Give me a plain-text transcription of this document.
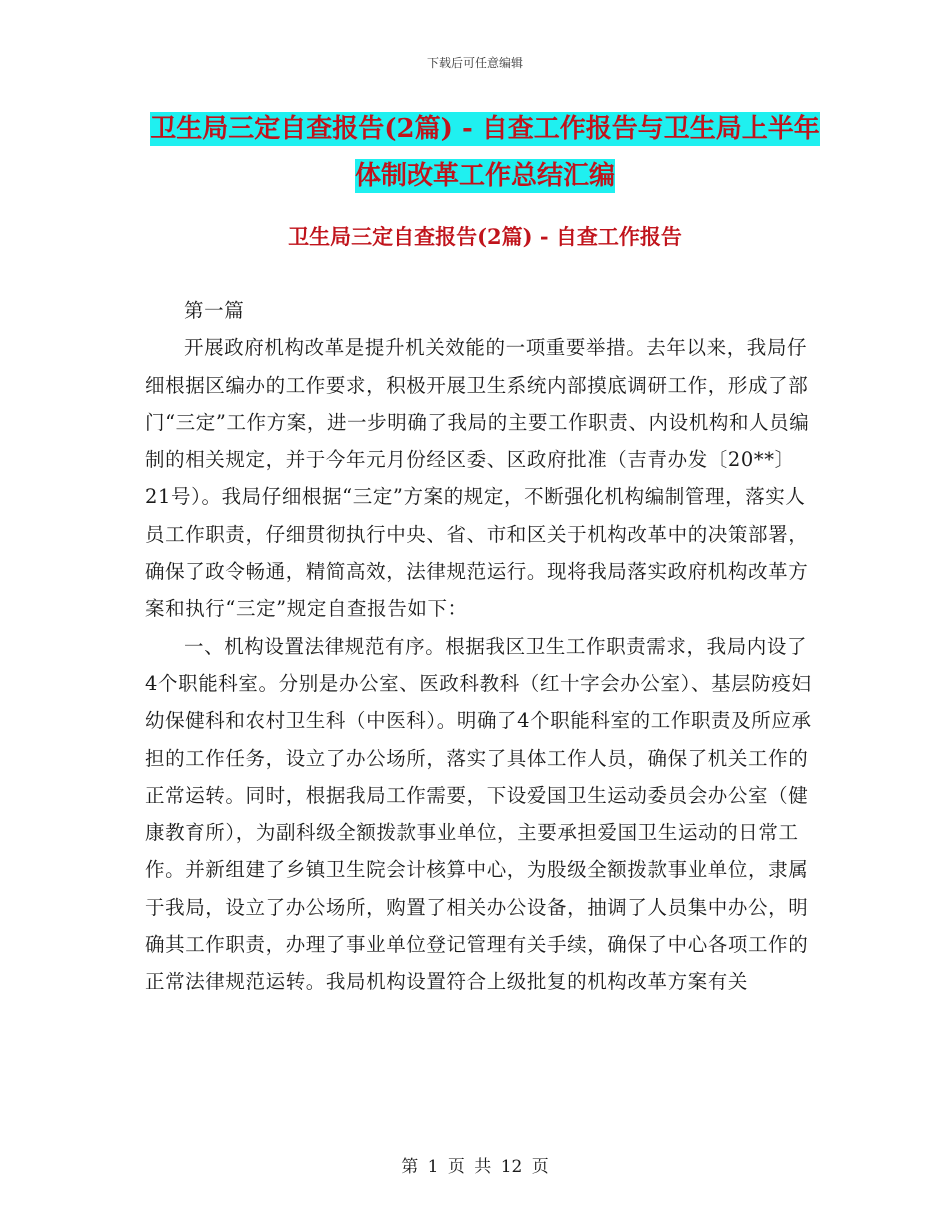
下载后可任意编辑
卫生局三定自查报告(2篇) - 自查工作报告与卫生局上半年体制改革工作总结汇编
卫生局三定自查报告(2篇) - 自查工作报告

第一篇

开展政府机构改革是提升机关效能的一项重要举措。去年以来，我局仔细根据区编办的工作要求，积极开展卫生系统内部摸底调研工作，形成了部门“三定”工作方案，进一步明确了我局的主要工作职责、内设机构和人员编制的相关规定，并于今年元月份经区委、区政府批准（吉青办发〔20**〕21号）。我局仔细根据“三定”方案的规定，不断强化机构编制管理，落实人员工作职责，仔细贯彻执行中央、省、市和区关于机构改革中的决策部署，确保了政令畅通，精简高效，法律规范运行。现将我局落实政府机构改革方案和执行“三定”规定自查报告如下：

一、机构设置法律规范有序。根据我区卫生工作职责需求，我局内设了4个职能科室。分别是办公室、医政科教科（红十字会办公室）、基层防疫妇幼保健科和农村卫生科（中医科）。明确了4个职能科室的工作职责及所应承担的工作任务，设立了办公场所，落实了具体工作人员，确保了机关工作的正常运转。同时，根据我局工作需要，下设爱国卫生运动委员会办公室（健康教育所），为副科级全额拨款事业单位，主要承担爱国卫生运动的日常工作。并新组建了乡镇卫生院会计核算中心，为股级全额拨款事业单位，隶属于我局，设立了办公场所，购置了相关办公设备，抽调了人员集中办公，明确其工作职责，办理了事业单位登记管理有关手续，确保了中心各项工作的正常法律规范运转。我局机构设置符合上级批复的机构改革方案有关

第 1 页 共 12 页
